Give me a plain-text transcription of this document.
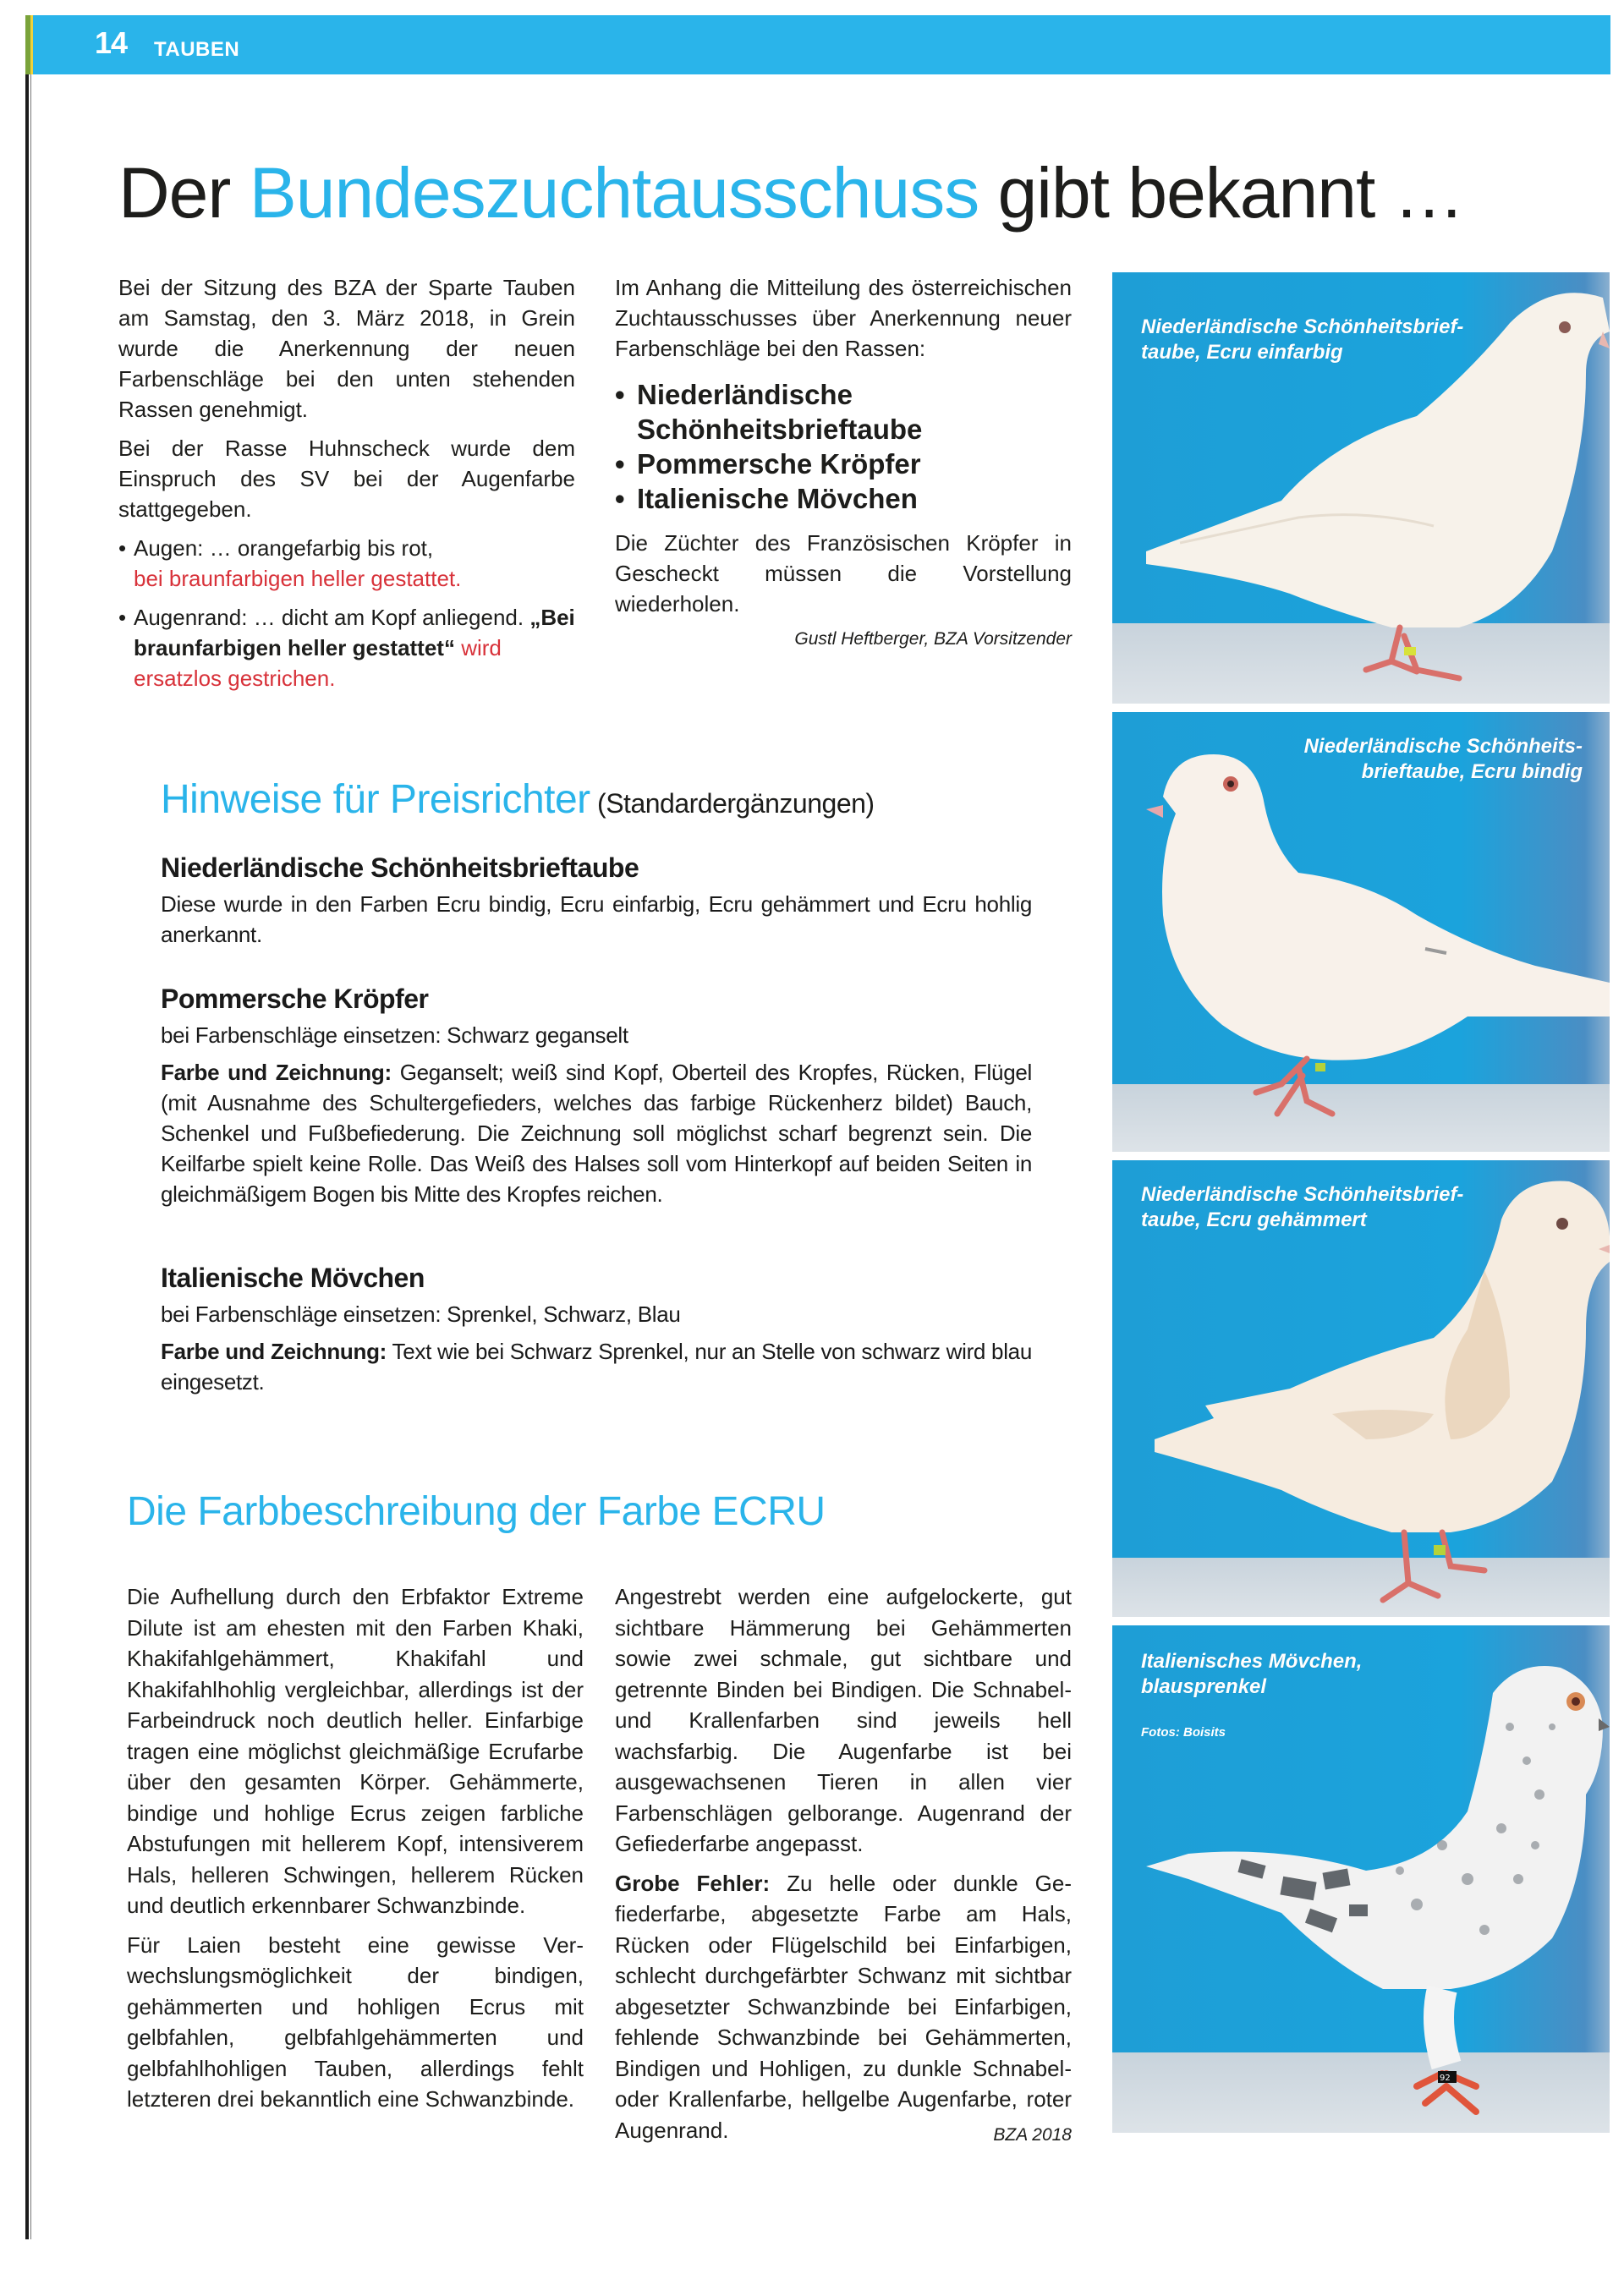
14 TAUBEN
Der Bundeszuchtausschuss gibt bekannt …

Bei der Sitzung des BZA der Sparte Tauben am Samstag, den 3. März 2018, in Grein wurde die Anerkennung der neuen Farbenschläge bei den unten stehenden Rassen genehmigt.

Bei der Rasse Huhnscheck wurde dem Einspruch des SV bei der Augenfarbe stattgegeben.

• Augen: … orangefarbig bis rot,
bei braunfarbigen heller gestattet.
• Augenrand: … dicht am Kopf anliegend. „Bei braunfarbigen heller gestattet“ wird ersatzlos gestrichen.

Im Anhang die Mitteilung des österreichischen Zuchtausschusses über Anerkennung neuer Farbenschläge bei den Rassen:

• Niederländische Schönheitsbrieftaube
• Pommersche Kröpfer
• Italienische Mövchen

Die Züchter des Französischen Kröpfer in Gescheckt müssen die Vorstellung wiederholen.

Gustl Heftberger, BZA Vorsitzender
Hinweise für Preisrichter (Standardergänzungen)
Niederländische Schönheitsbrieftaube

Diese wurde in den Farben Ecru bindig, Ecru einfarbig, Ecru gehämmert und Ecru hohlig anerkannt.

Pommersche Kröpfer

bei Farbenschläge einsetzen: Schwarz geganselt

Farbe und Zeichnung: Geganselt; weiß sind Kopf, Oberteil des Kropfes, Rücken, Flügel (mit Ausnahme des Schultergefieders, welches das farbige Rückenherz bildet) Bauch, Schenkel und Fußbefiederung. Die Zeichnung soll möglichst scharf begrenzt sein. Die Keilfarbe spielt keine Rolle. Das Weiß des Halses soll vom Hinterkopf auf beiden Seiten in gleichmäßigem Bogen bis Mitte des Kropfes reichen.

Italienische Mövchen

bei Farbenschläge einsetzen: Sprenkel, Schwarz, Blau

Farbe und Zeichnung: Text wie bei Schwarz Sprenkel, nur an Stelle von schwarz wird blau eingesetzt.

Die Farbbeschreibung der Farbe ECRU

Die Aufhellung durch den Erbfaktor Extreme Dilute ist am ehesten mit den Farben Khaki, Khakifahlgehämmert, Khakifahl und Khakifahlhohlig vergleichbar, allerdings ist der Farbeindruck noch deutlich heller. Einfarbige tragen eine möglichst gleichmäßige Ecrufarbe über den gesamten Körper. Gehämmerte, bindige und hohlige Ecrus zeigen farbliche Abstufungen mit hellerem Kopf, intensiverem Hals, helleren Schwingen, hellerem Rücken und deutlich erkennbarer Schwanzbinde.

Für Laien besteht eine gewisse Verwechslungsmöglichkeit der bindigen, gehämmerten und hohligen Ecrus mit gelbfahlen, gelbfahlgehämmerten und gelbfahlhohligen Tauben, allerdings fehlt letzteren drei bekanntlich eine Schwanzbinde.

Angestrebt werden eine aufgelockerte, gut sichtbare Hämmerung bei Gehämmerten sowie zwei schmale, gut sichtbare und getrennte Binden bei Bindigen. Die Schnabel- und Krallenfarben sind jeweils hell wachsfarbig. Die Augenfarbe ist bei ausgewachsenen Tieren in allen vier Farbenschlägen gelborange. Augenrand der Gefiederfarbe angepasst.

Grobe Fehler: Zu helle oder dunkle Gefiederfarbe, abgesetzte Farbe am Hals, Rücken oder Flügelschild bei Einfarbigen, schlecht durchgefärbter Schwanz mit sichtbar abgesetzter Schwanzbinde bei Einfarbigen, fehlende Schwanzbinde bei Gehämmerten, Bindigen und Hohligen, zu dunkle Schnabel- oder Krallenfarbe, hellgelbe Augenfarbe, roter Augenrand.	BZA 2018

Niederländische Schönheitsbrief-
taube, Ecru einfarbig
Niederländische Schönheits-
brieftaube, Ecru bindig
Niederländische Schönheitsbrief-
taube, Ecru gehämmert
92
Italienisches Mövchen,
blausprenkel
Fotos: Boisits
